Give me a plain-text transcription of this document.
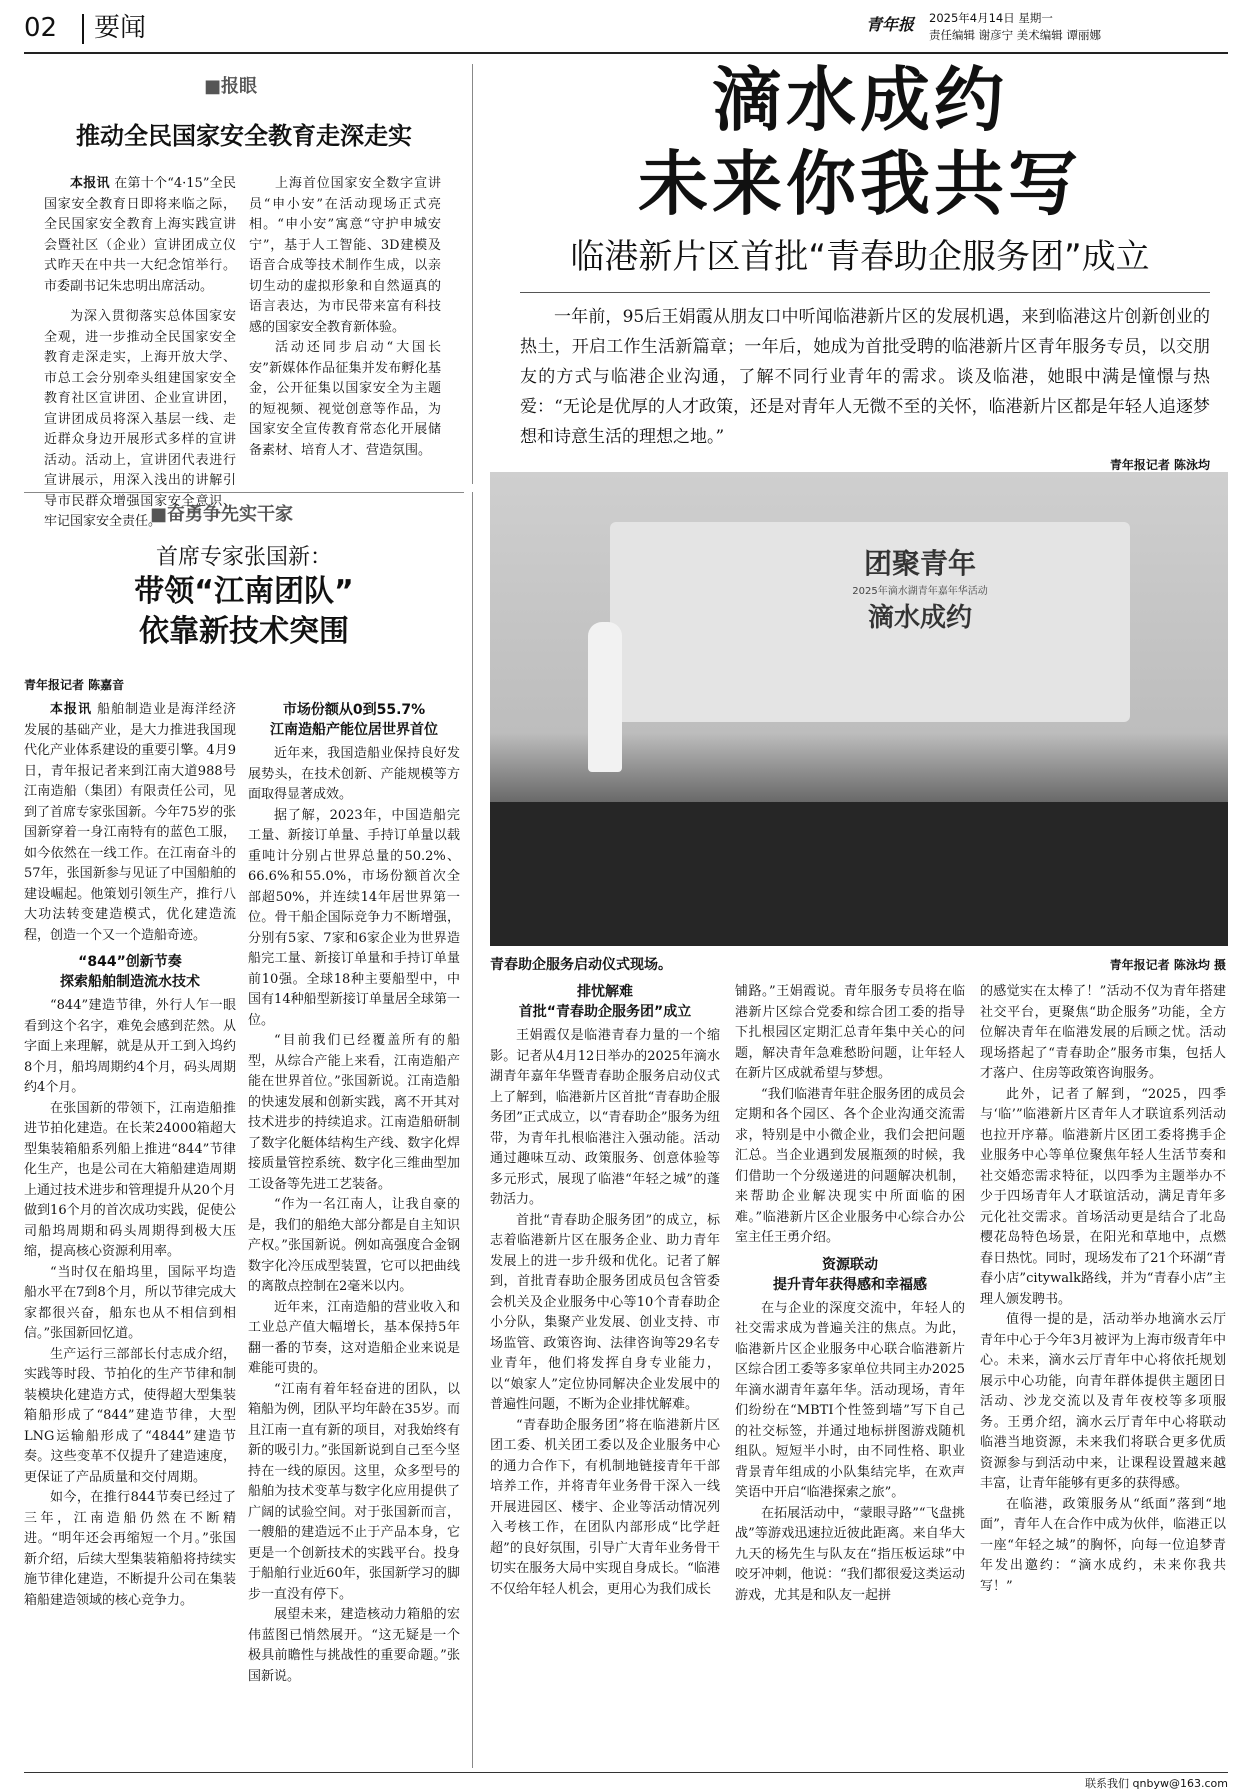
02 要闻	青年报 2025年4月14日 星期一
责任编辑 谢彦宁 美术编辑 谭丽娜
■报眼
推动全民国家安全教育走深走实

本报讯 在第十个“4·15”全民国家安全教育日即将来临之际，全民国家安全教育上海实践宣讲会暨社区（企业）宣讲团成立仪式昨天在中共一大纪念馆举行。市委副书记朱忠明出席活动。

为深入贯彻落实总体国家安全观，进一步推动全民国家安全教育走深走实，上海开放大学、市总工会分别牵头组建国家安全教育社区宣讲团、企业宣讲团，宣讲团成员将深入基层一线、走近群众身边开展形式多样的宣讲活动。活动上，宣讲团代表进行宣讲展示，用深入浅出的讲解引导市民群众增强国家安全意识、牢记国家安全责任。

上海首位国家安全数字宣讲员“申小安”在活动现场正式亮相。“申小安”寓意“守护申城安宁”，基于人工智能、3D建模及语音合成等技术制作生成，以亲切生动的虚拟形象和自然逼真的语言表达，为市民带来富有科技感的国家安全教育新体验。

活动还同步启动“大国长安”新媒体作品征集并发布孵化基金，公开征集以国家安全为主题的短视频、视觉创意等作品，为国家安全宣传教育常态化开展储备素材、培育人才、营造氛围。

滴水成约
未来你我共写
临港新片区首批“青春助企服务团”成立

一年前，95后王娟霞从朋友口中听闻临港新片区的发展机遇，来到临港这片创新创业的热土，开启工作生活新篇章；一年后，她成为首批受聘的临港新片区青年服务专员，以交朋友的方式与临港企业沟通，了解不同行业青年的需求。谈及临港，她眼中满是憧憬与热爱：“无论是优厚的人才政策，还是对青年人无微不至的关怀，临港新片区都是年轻人追逐梦想和诗意生活的理想之地。”

青年报记者 陈泳均
团聚青年
2025年滴水湖青年嘉年华活动
滴水成约
青春助企服务启动仪式现场。	青年报记者 陈泳均 摄
■奋勇争先实干家
首席专家张国新：
带领“江南团队”
依靠新技术突围
青年报记者 陈嘉音

本报讯 船舶制造业是海洋经济发展的基础产业，是大力推进我国现代化产业体系建设的重要引擎。4月9日，青年报记者来到江南大道988号江南造船（集团）有限责任公司，见到了首席专家张国新。今年75岁的张国新穿着一身江南特有的蓝色工服，如今依然在一线工作。在江南奋斗的57年，张国新参与见证了中国船舶的建设崛起。他策划引领生产，推行八大功法转变建造模式，优化建造流程，创造一个又一个造船奇迹。

“844”创新节奏
探索船舶制造流水技术

“844”建造节律，外行人乍一眼看到这个名字，难免会感到茫然。从字面上来理解，就是从开工到入坞约8个月，船坞周期约4个月，码头周期约4个月。

在张国新的带领下，江南造船推进节拍化建造。在长茉24000箱超大型集装箱船系列船上推进“844”节律化生产，也是公司在大箱船建造周期上通过技术进步和管理提升从20个月做到16个月的首次成功实践，促使公司船坞周期和码头周期得到极大压缩，提高核心资源利用率。

“当时仅在船坞里，国际平均造船水平在7到8个月，所以节律完成大家都很兴奋，船东也从不相信到相信。”张国新回忆道。

生产运行三部部长付志成介绍，实践等时段、节拍化的生产节律和制装模块化建造方式，使得超大型集装箱船形成了“844”建造节律，大型LNG运输船形成了“4844”建造节奏。这些变革不仅提升了建造速度，更保证了产品质量和交付周期。

如今，在推行844节奏已经过了三年，江南造船仍然在不断精进。“明年还会再缩短一个月。”张国新介绍，后续大型集装箱船将持续实施节律化建造，不断提升公司在集装箱船建造领域的核心竞争力。

市场份额从0到55.7%
江南造船产能位居世界首位

近年来，我国造船业保持良好发展势头，在技术创新、产能规模等方面取得显著成效。

据了解，2023年，中国造船完工量、新接订单量、手持订单量以载重吨计分别占世界总量的50.2%、66.6%和55.0%，市场份额首次全部超50%，并连续14年居世界第一位。骨干船企国际竞争力不断增强，分别有5家、7家和6家企业为世界造船完工量、新接订单量和手持订单量前10强。全球18种主要船型中，中国有14种船型新接订单量居全球第一位。

“目前我们已经覆盖所有的船型，从综合产能上来看，江南造船产能在世界首位。”张国新说。江南造船的快速发展和创新实践，离不开其对技术进步的持续追求。江南造船研制了数字化艇体结构生产线、数字化焊接质量管控系统、数字化三维曲型加工设备等先进工艺装备。

“作为一名江南人，让我自豪的是，我们的船绝大部分都是自主知识产权。”张国新说。例如高强度合金钢数字化冷压成型装置，它可以把曲线的离散点控制在2毫米以内。

近年来，江南造船的营业收入和工业总产值大幅增长，基本保持5年翻一番的节奏，这对造船企业来说是难能可贵的。

“江南有着年轻奋进的团队，以箱船为例，团队平均年龄在35岁。而且江南一直有新的项目，对我始终有新的吸引力。”张国新说到自己至今坚持在一线的原因。这里，众多型号的船舶为技术变革与数字化应用提供了广阔的试验空间。对于张国新而言，一艘船的建造远不止于产品本身，它更是一个创新技术的实践平台。投身于船舶行业近60年，张国新学习的脚步一直没有停下。

展望未来，建造核动力箱船的宏伟蓝图已悄然展开。“这无疑是一个极具前瞻性与挑战性的重要命题。”张国新说。

排忧解难
首批“青春助企服务团”成立

王娟霞仅是临港青春力量的一个缩影。记者从4月12日举办的2025年滴水湖青年嘉年华暨青春助企服务启动仪式上了解到，临港新片区首批“青春助企服务团”正式成立，以“青春助企”服务为纽带，为青年扎根临港注入强动能。活动通过趣味互动、政策服务、创意体验等多元形式，展现了临港“年轻之城”的蓬勃活力。

首批“青春助企服务团”的成立，标志着临港新片区在服务企业、助力青年发展上的进一步升级和优化。记者了解到，首批青春助企服务团成员包含管委会机关及企业服务中心等10个青春助企小分队，集聚产业发展、创业支持、市场监管、政策咨询、法律咨询等29名专业青年，他们将发挥自身专业能力，以“娘家人”定位协同解决企业发展中的普遍性问题，不断为企业排忧解难。

“青春助企服务团”将在临港新片区团工委、机关团工委以及企业服务中心的通力合作下，有机制地链接青年干部培养工作，并将青年业务骨干深入一线开展进园区、楼宇、企业等活动情况列入考核工作，在团队内部形成“比学赶超”的良好氛围，引导广大青年业务骨干切实在服务大局中实现自身成长。“临港不仅给年轻人机会，更用心为我们成长

铺路。”王娟霞说。青年服务专员将在临港新片区综合党委和综合团工委的指导下扎根园区定期汇总青年集中关心的问题，解决青年急难愁盼问题，让年轻人在新片区成就希望与梦想。

“我们临港青年驻企服务团的成员会定期和各个园区、各个企业沟通交流需求，特别是中小微企业，我们会把问题汇总。当企业遇到发展瓶颈的时候，我们借助一个分级递进的问题解决机制，来帮助企业解决现实中所面临的困难。”临港新片区企业服务中心综合办公室主任王勇介绍。

资源联动
提升青年获得感和幸福感

在与企业的深度交流中，年轻人的社交需求成为普遍关注的焦点。为此，临港新片区企业服务中心联合临港新片区综合团工委等多家单位共同主办2025年滴水湖青年嘉年华。活动现场，青年们纷纷在“MBTI个性签到墙”写下自己的社交标签，并通过地标拼图游戏随机组队。短短半小时，由不同性格、职业背景青年组成的小队集结完毕，在欢声笑语中开启“临港探索之旅”。

在拓展活动中，“蒙眼寻路”“飞盘挑战”等游戏迅速拉近彼此距离。来自华大九天的杨先生与队友在“指压板运球”中咬牙冲刺，他说：“我们都很爱这类运动游戏，尤其是和队友一起拼

的感觉实在太棒了！”活动不仅为青年搭建社交平台，更聚焦“助企服务”功能，全方位解决青年在临港发展的后顾之忧。活动现场搭起了“青春助企”服务市集，包括人才落户、住房等政策咨询服务。

此外，记者了解到，“2025，四季与‘临’”临港新片区青年人才联谊系列活动也拉开序幕。临港新片区团工委将携手企业服务中心等单位聚焦年轻人生活节奏和社交婚恋需求特征，以四季为主题举办不少于四场青年人才联谊活动，满足青年多元化社交需求。首场活动更是结合了北岛樱花岛特色场景，在阳光和草地中，点燃春日热忱。同时，现场发布了21个环湖“青春小店”citywalk路线，并为“青春小店”主理人颁发聘书。

值得一提的是，活动举办地滴水云厅青年中心于今年3月被评为上海市级青年中心。未来，滴水云厅青年中心将依托规划展示中心功能，向青年群体提供主题团日活动、沙龙交流以及青年夜校等多项服务。王勇介绍，滴水云厅青年中心将联动临港当地资源，未来我们将联合更多优质资源参与到活动中来，让课程设置越来越丰富，让青年能够有更多的获得感。

在临港，政策服务从“纸面”落到“地面”，青年人在合作中成为伙伴，临港正以一座“年轻之城”的胸怀，向每一位追梦青年发出邀约：“滴水成约，未来你我共写！”

联系我们 qnbyw@163.com
